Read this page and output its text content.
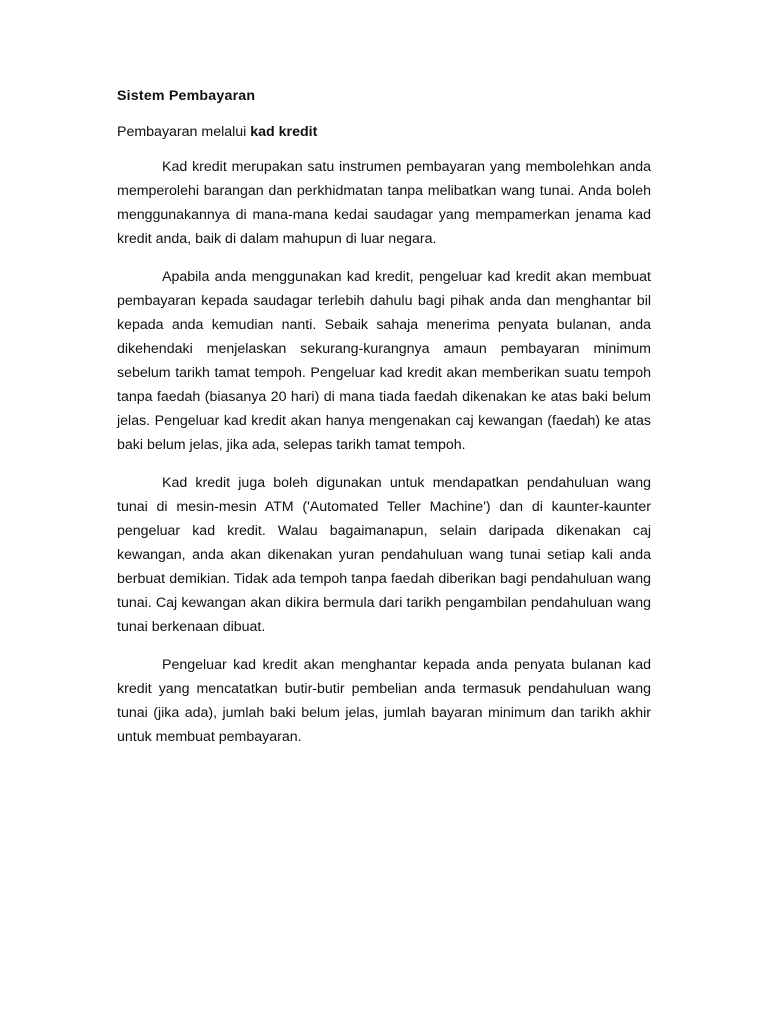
Sistem Pembayaran

Pembayaran melalui kad kredit

Kad kredit merupakan satu instrumen pembayaran yang membolehkan anda memperolehi barangan dan perkhidmatan tanpa melibatkan wang tunai. Anda boleh menggunakannya di mana-mana kedai saudagar yang mempamerkan jenama kad kredit anda, baik di dalam mahupun di luar negara.

Apabila anda menggunakan kad kredit, pengeluar kad kredit akan membuat pembayaran kepada saudagar terlebih dahulu bagi pihak anda dan menghantar bil kepada anda kemudian nanti. Sebaik sahaja menerima penyata bulanan, anda dikehendaki menjelaskan sekurang-kurangnya amaun pembayaran minimum sebelum tarikh tamat tempoh. Pengeluar kad kredit akan memberikan suatu tempoh tanpa faedah (biasanya 20 hari) di mana tiada faedah dikenakan ke atas baki belum jelas. Pengeluar kad kredit akan hanya mengenakan caj kewangan (faedah) ke atas baki belum jelas, jika ada, selepas tarikh tamat tempoh.

Kad kredit juga boleh digunakan untuk mendapatkan pendahuluan wang tunai di mesin-mesin ATM ('Automated Teller Machine') dan di kaunter-kaunter pengeluar kad kredit. Walau bagaimanapun, selain daripada dikenakan caj kewangan, anda akan dikenakan yuran pendahuluan wang tunai setiap kali anda berbuat demikian. Tidak ada tempoh tanpa faedah diberikan bagi pendahuluan wang tunai. Caj kewangan akan dikira bermula dari tarikh pengambilan pendahuluan wang tunai berkenaan dibuat.

Pengeluar kad kredit akan menghantar kepada anda penyata bulanan kad kredit yang mencatatkan butir-butir pembelian anda termasuk pendahuluan wang tunai (jika ada), jumlah baki belum jelas, jumlah bayaran minimum dan tarikh akhir untuk membuat pembayaran.
